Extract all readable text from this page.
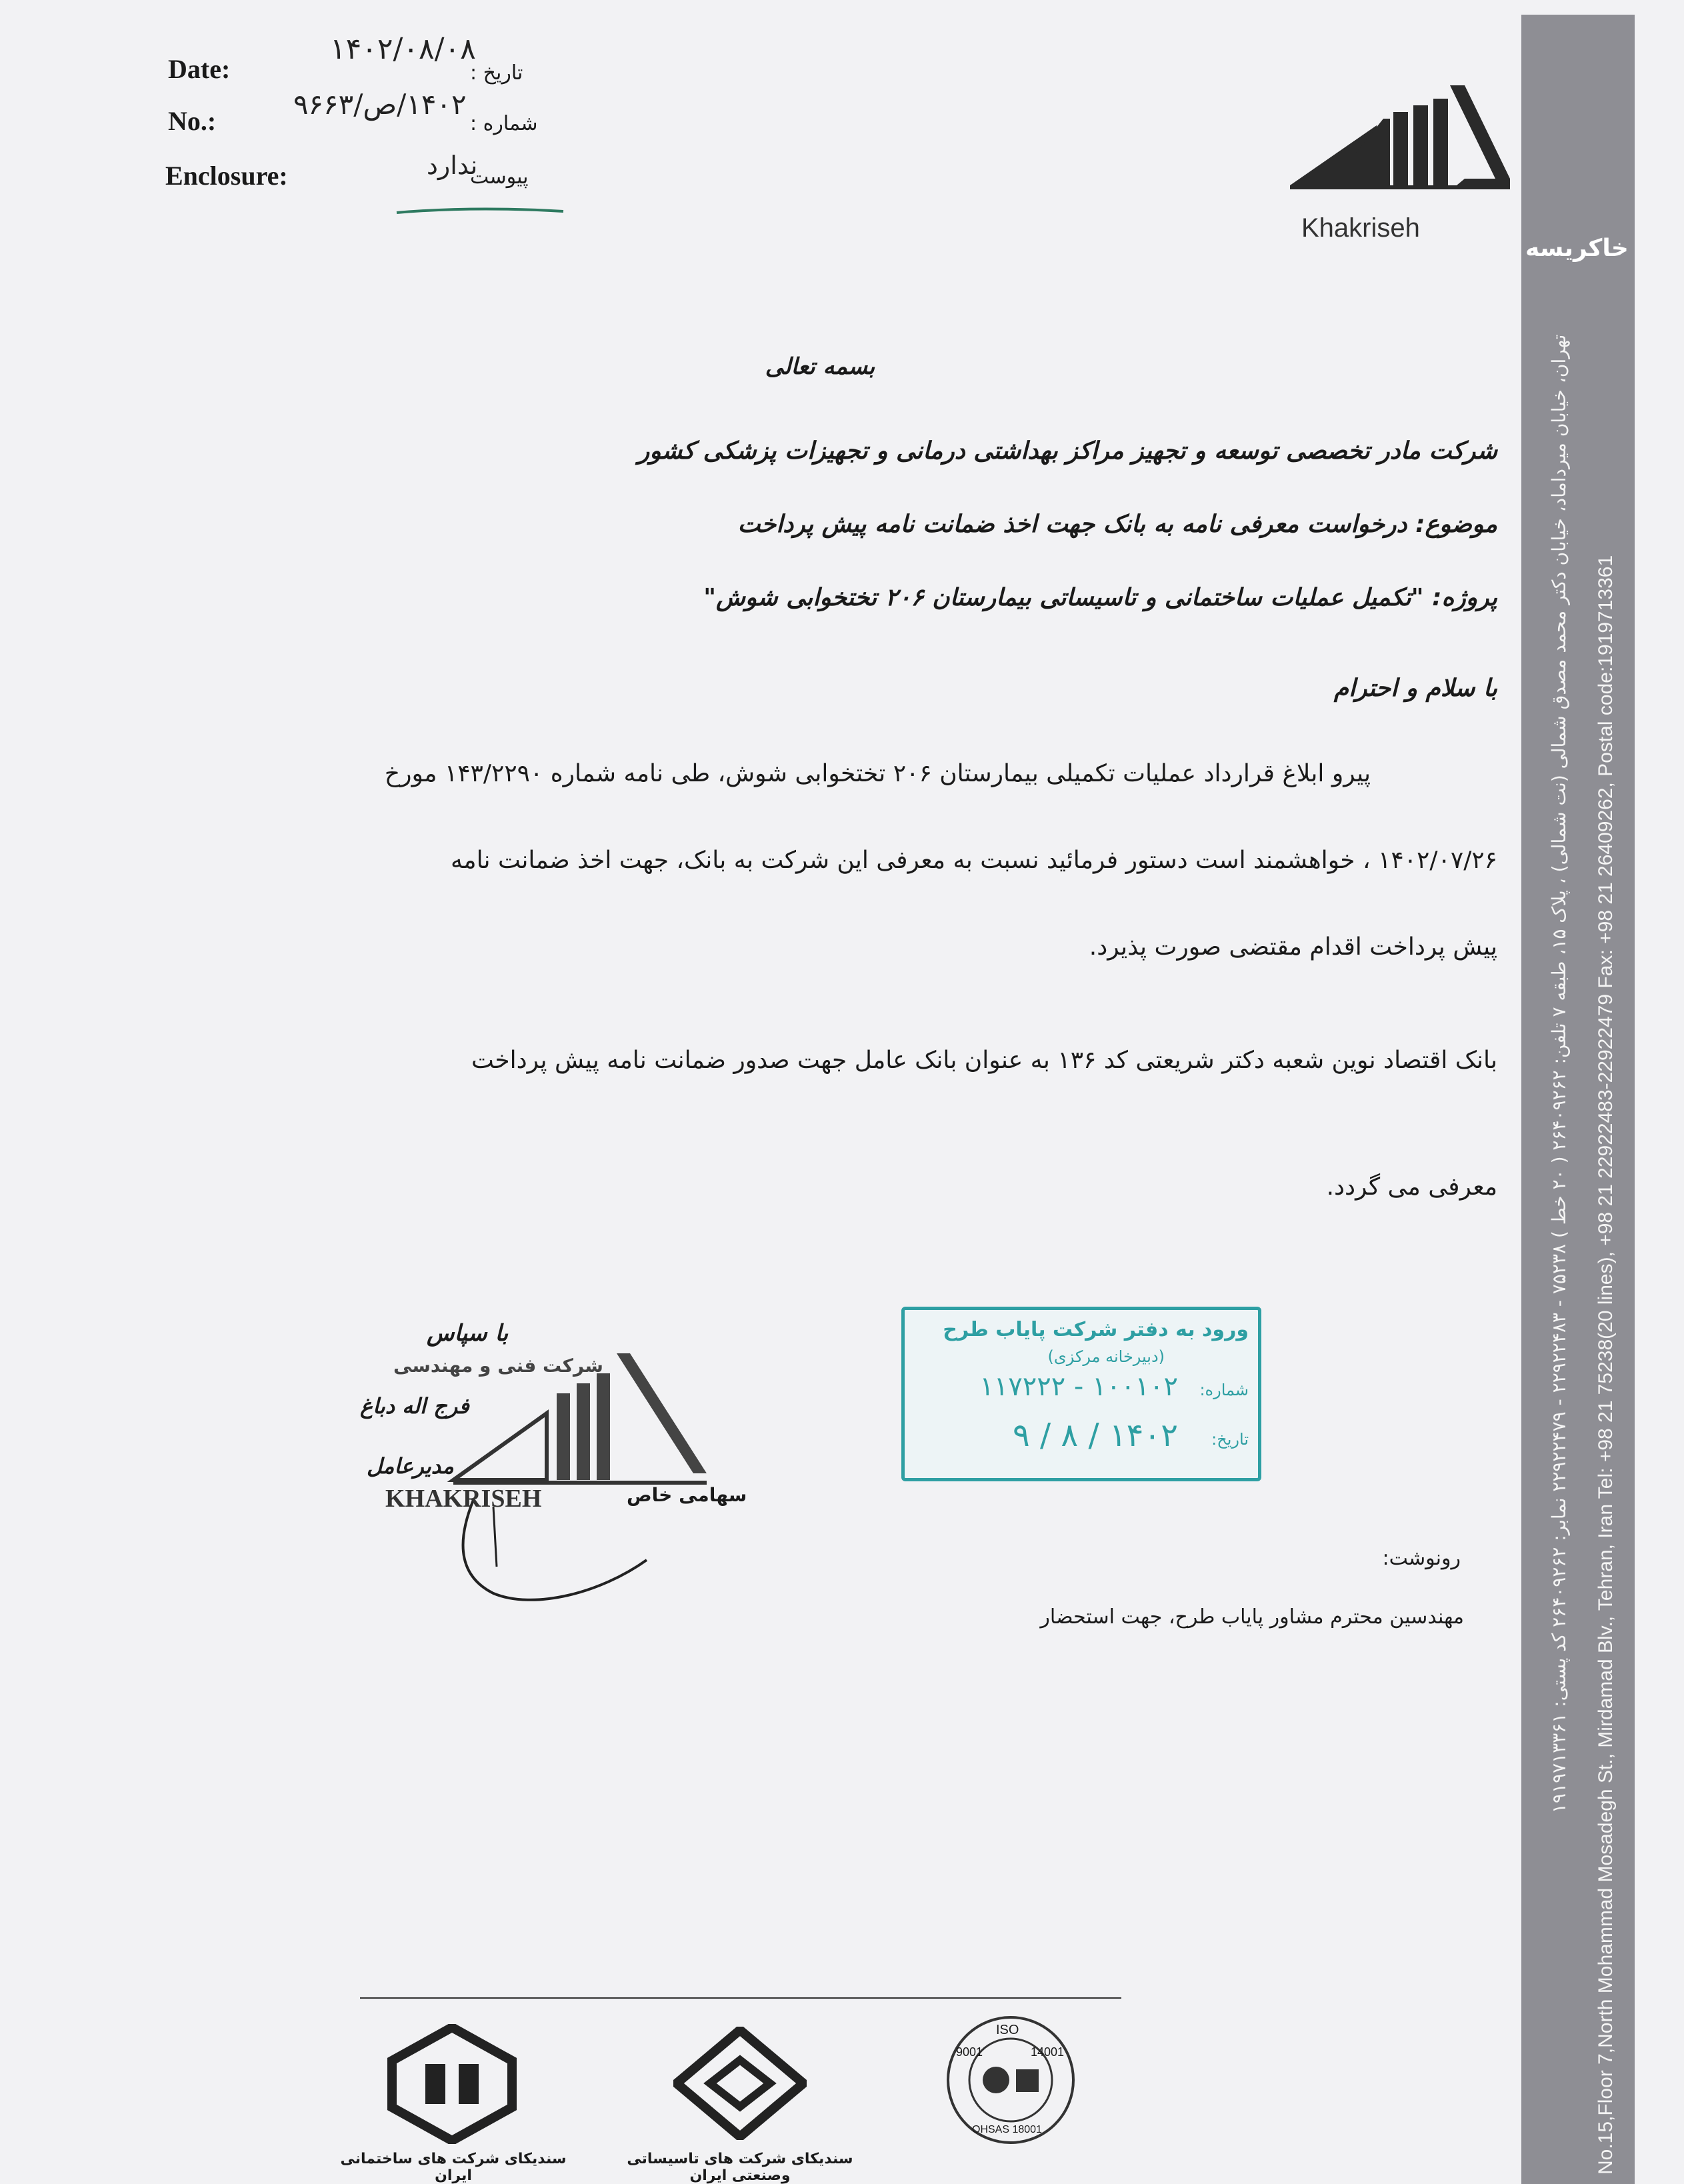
Date:
No.:
Enclosure:
۱۴۰۲/۰۸/۰۸
تاریخ :
۱۴۰۲/ص/۹۶۶۳
شماره :
ندارد
پیوست
Khakriseh
خاکریسه
No.15,Floor 7,North Mohammad Mosadegh St., Mirdamad Blv., Tehran, Iran Tel: +98 21 75238(20 lines), +98 21 22922483-22922479 Fax: +98 21 26409262, Postal code:1919713361
تهران، خیابان میرداماد، خیابان دکتر محمد مصدق شمالی (نت شمالی) ، پلاک ۱۵، طبقه ۷ تلفن: ۲۶۴۰۹۲۶۲ ( ۲۰ خط ) ۷۵۲۳۸ - ۲۲۹۲۲۴۸۳ - ۲۲۹۲۲۴۷۹ نمابر: ۲۶۴۰۹۲۶۲ کد پستی: ۱۹۱۹۷۱۳۳۶۱
بسمه تعالی
شرکت مادر تخصصی توسعه و تجهیز مراکز بهداشتی درمانی و تجهیزات پزشکی کشور
موضوع: درخواست معرفی نامه به بانک جهت اخذ ضمانت نامه پیش پرداخت
پروژه: "تکمیل عملیات ساختمانی و تاسیساتی بیمارستان ۲۰۶ تختخوابی شوش"
با سلام و احترام
پیرو ابلاغ قرارداد عملیات تکمیلی بیمارستان ۲۰۶ تختخوابی شوش، طی نامه شماره ۱۴۳/۲۲۹۰ مورخ
۱۴۰۲/۰۷/۲۶ ، خواهشمند است دستور فرمائید نسبت به معرفی این شرکت به بانک، جهت اخذ ضمانت نامه
پیش پرداخت اقدام مقتضی صورت پذیرد.
بانک اقتصاد نوین شعبه دکتر شریعتی کد ۱۳۶ به عنوان بانک عامل جهت صدور ضمانت نامه پیش پرداخت
معرفی می گردد.
با سپاس
شرکت فنی و مهندسی
فرج اله دباغ
مدیرعامل
KHAKRISEH	سهامی خاص
ورود به دفتر شرکت پایاب طرح
(دبیرخانه مرکزی)
شماره:
۱۰۰۱۰۲ - ۱۱۷۲۲۲
تاریخ:
۱۴۰۲ / ۸ / ۹
رونوشت:
مهندسین محترم مشاور پایاب طرح، جهت استحضار
ISO
9001	14001
OHSAS 18001
سندیکای شرکت های تاسیساتی وصنعتی ایران
سندیکای شرکت های ساختمانی ایران
